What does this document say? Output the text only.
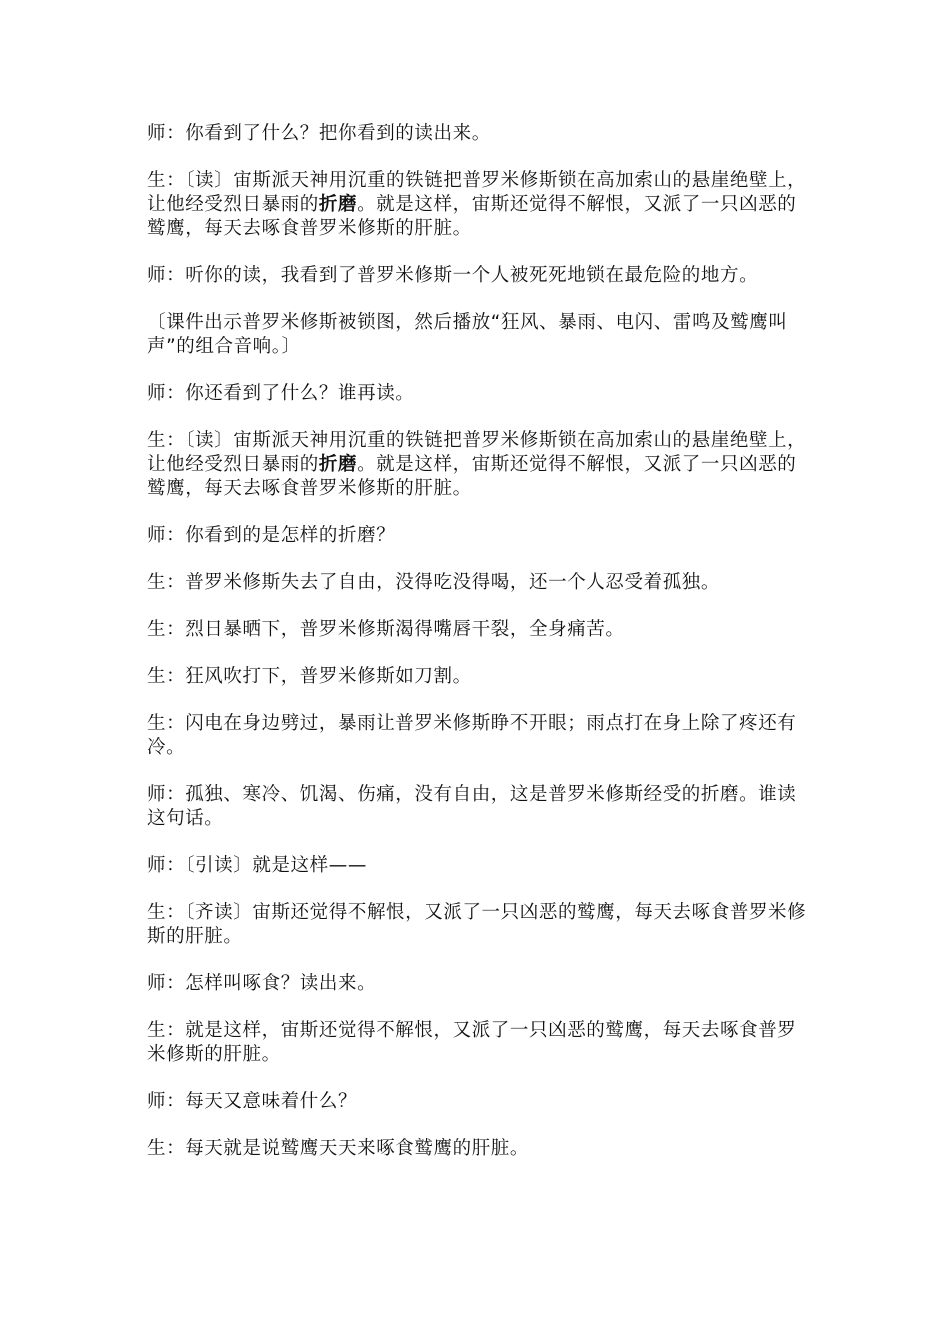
师：你看到了什么？把你看到的读出来。

生：〔读〕宙斯派天神用沉重的铁链把普罗米修斯锁在高加索山的悬崖绝壁上，让他经受烈日暴雨的折磨。就是这样，宙斯还觉得不解恨，又派了一只凶恶的鹫鹰，每天去啄食普罗米修斯的肝脏。

师：听你的读，我看到了普罗米修斯一个人被死死地锁在最危险的地方。

〔课件出示普罗米修斯被锁图，然后播放“狂风、暴雨、电闪、雷鸣及鹫鹰叫声”的组合音响。〕

师：你还看到了什么？谁再读。

生：〔读〕宙斯派天神用沉重的铁链把普罗米修斯锁在高加索山的悬崖绝壁上，让他经受烈日暴雨的折磨。就是这样，宙斯还觉得不解恨，又派了一只凶恶的鹫鹰，每天去啄食普罗米修斯的肝脏。

师：你看到的是怎样的折磨？

生：普罗米修斯失去了自由，没得吃没得喝，还一个人忍受着孤独。

生：烈日暴晒下，普罗米修斯渴得嘴唇干裂，全身痛苦。

生：狂风吹打下，普罗米修斯如刀割。

生：闪电在身边劈过，暴雨让普罗米修斯睁不开眼；雨点打在身上除了疼还有冷。

师：孤独、寒冷、饥渴、伤痛，没有自由，这是普罗米修斯经受的折磨。谁读这句话。

师：〔引读〕就是这样——

生：〔齐读〕宙斯还觉得不解恨，又派了一只凶恶的鹫鹰，每天去啄食普罗米修斯的肝脏。

师：怎样叫啄食？读出来。

生：就是这样，宙斯还觉得不解恨，又派了一只凶恶的鹫鹰，每天去啄食普罗米修斯的肝脏。

师：每天又意味着什么？

生：每天就是说鹫鹰天天来啄食鹫鹰的肝脏。
